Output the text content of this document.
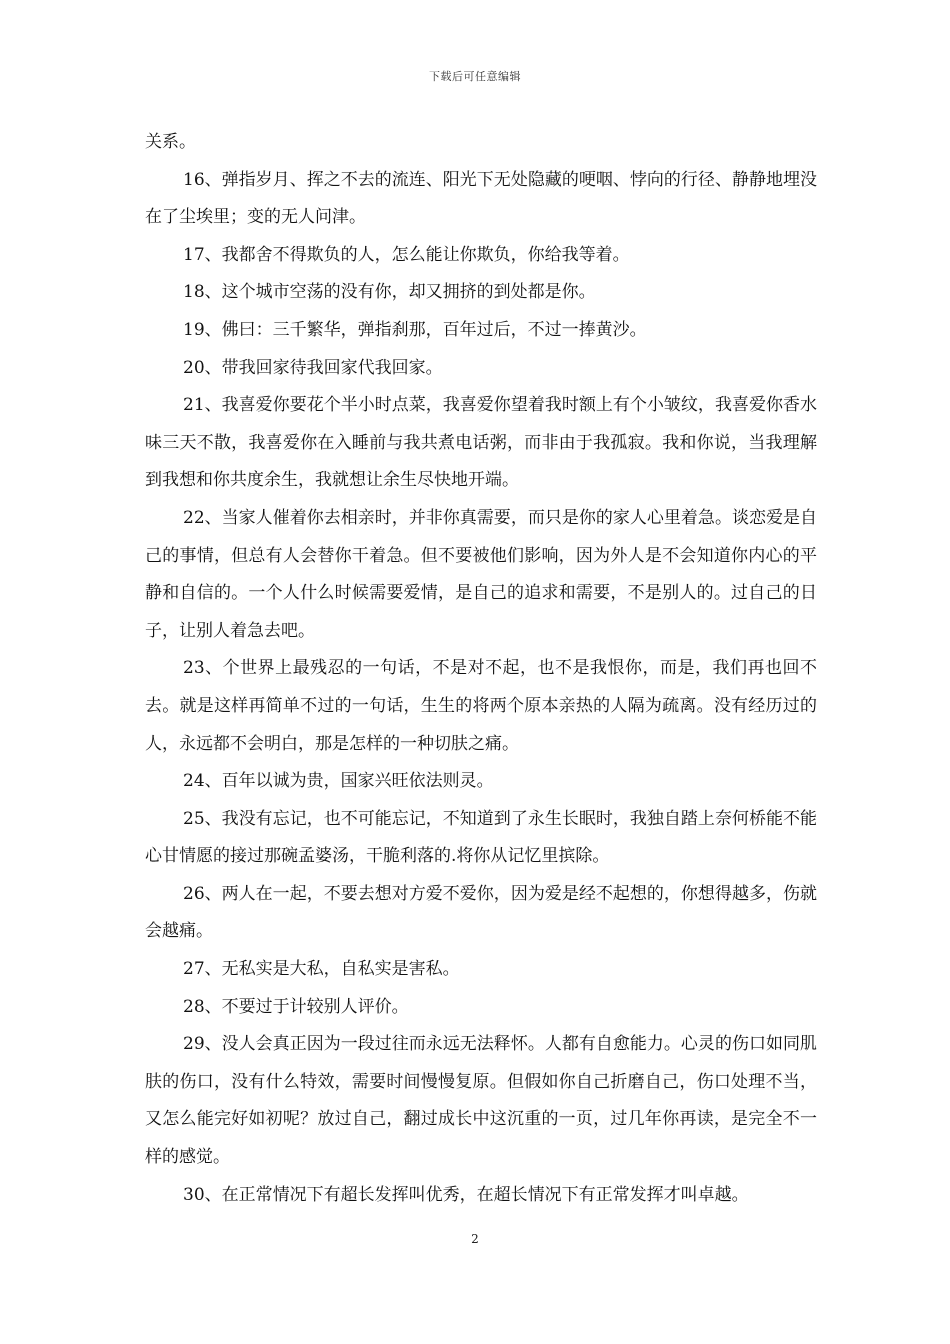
下载后可任意编辑

关系。

16、弹指岁月、挥之不去的流连、阳光下无处隐藏的哽咽、悖向的行径、静静地埋没在了尘埃里；变的无人问津。

17、我都舍不得欺负的人，怎么能让你欺负，你给我等着。

18、这个城市空荡的没有你，却又拥挤的到处都是你。

19、佛曰：三千繁华，弹指刹那，百年过后，不过一捧黄沙。

20、带我回家待我回家代我回家。

21、我喜爱你要花个半小时点菜，我喜爱你望着我时额上有个小皱纹，我喜爱你香水味三天不散，我喜爱你在入睡前与我共煮电话粥，而非由于我孤寂。我和你说，当我理解到我想和你共度余生，我就想让余生尽快地开端。

22、当家人催着你去相亲时，并非你真需要，而只是你的家人心里着急。谈恋爱是自己的事情，但总有人会替你干着急。但不要被他们影响，因为外人是不会知道你内心的平静和自信的。一个人什么时候需要爱情，是自己的追求和需要，不是别人的。过自己的日子，让别人着急去吧。

23、个世界上最残忍的一句话，不是对不起，也不是我恨你，而是，我们再也回不去。就是这样再简单不过的一句话，生生的将两个原本亲热的人隔为疏离。没有经历过的人，永远都不会明白，那是怎样的一种切肤之痛。

24、百年以诚为贵，国家兴旺依法则灵。

25、我没有忘记，也不可能忘记，不知道到了永生长眠时，我独自踏上奈何桥能不能心甘情愿的接过那碗孟婆汤，干脆利落的.将你从记忆里摈除。

26、两人在一起，不要去想对方爱不爱你，因为爱是经不起想的，你想得越多，伤就会越痛。

27、无私实是大私，自私实是害私。

28、不要过于计较别人评价。

29、没人会真正因为一段过往而永远无法释怀。人都有自愈能力。心灵的伤口如同肌肤的伤口，没有什么特效，需要时间慢慢复原。但假如你自己折磨自己，伤口处理不当，又怎么能完好如初呢？放过自己，翻过成长中这沉重的一页，过几年你再读，是完全不一样的感觉。

30、在正常情况下有超长发挥叫优秀，在超长情况下有正常发挥才叫卓越。

2
